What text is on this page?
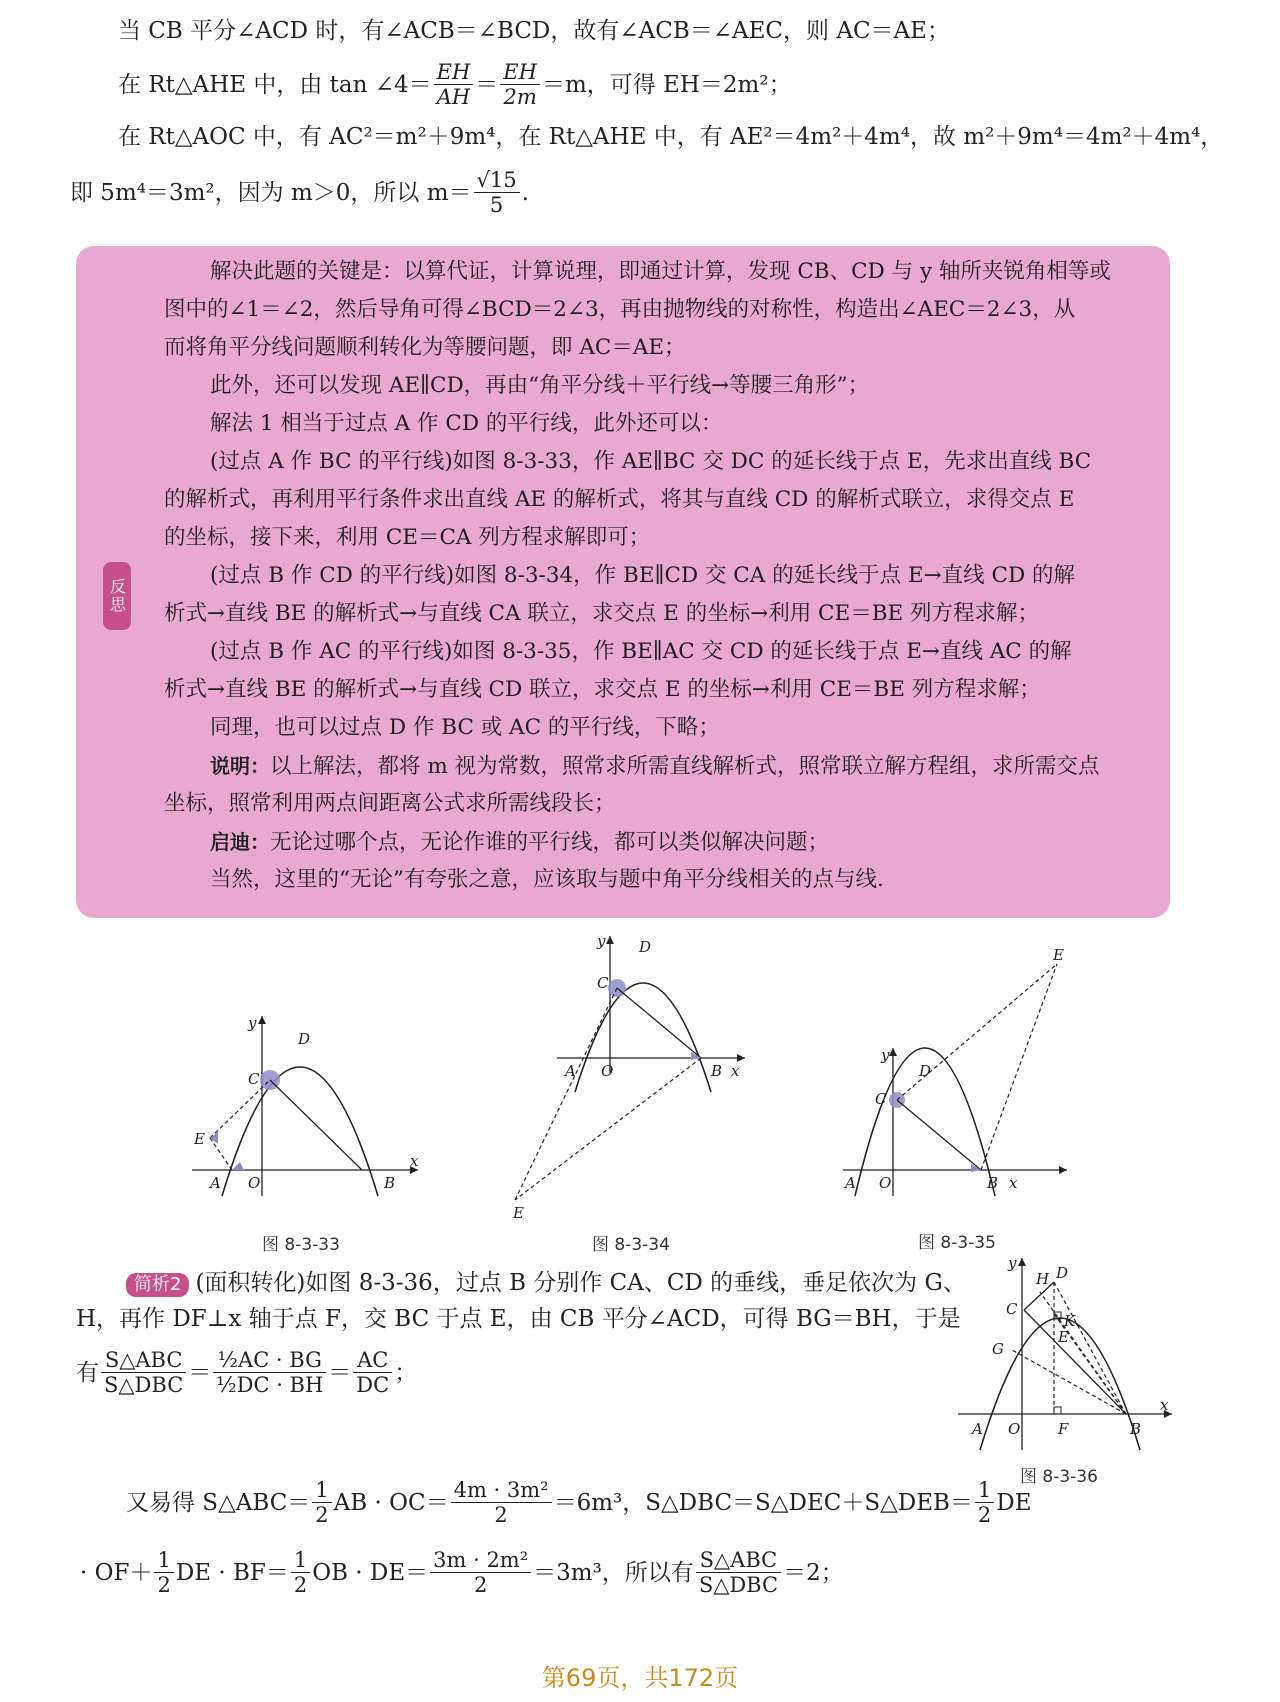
当 CB 平分∠ACD 时，有∠ACB＝∠BCD，故有∠ACB＝∠AEC，则 AC＝AE；
在 Rt△AHE 中，由 tan ∠4＝ $\frac{EH}{AH} = \frac{EH}{2m} =m$，可得 EH＝2m²；
在 Rt△AOC 中，有 AC²＝m²＋9m⁴，在 Rt△AHE 中，有 AE²＝4m²＋4m⁴，故 m²＋9m⁴＝4m²＋4m⁴，
即 5m⁴＝3m²，因为 m＞0，所以 $m= \frac{√15}{5}$ .
反思
解决此题的关键是：以算代证，计算说理，即通过计算，发现 CB、CD 与 y 轴所夹锐角相等或
图中的∠1＝∠2，然后导角可得∠BCD＝2∠3，再由抛物线的对称性，构造出∠AEC＝2∠3，从
而将角平分线问题顺利转化为等腰问题，即 AC＝AE；
此外，还可以发现 AE∥CD，再由“角平分线＋平行线→等腰三角形”；
解法 1 相当于过点 A 作 CD 的平行线，此外还可以：
(过点 A 作 BC 的平行线)如图 8-3-33，作 AE∥BC 交 DC 的延长线于点 E，先求出直线 BC
的解析式，再利用平行条件求出直线 AE 的解析式，将其与直线 CD 的解析式联立，求得交点 E
的坐标，接下来，利用 CE＝CA 列方程求解即可；
(过点 B 作 CD 的平行线)如图 8-3-34，作 BE∥CD 交 CA 的延长线于点 E→直线 CD 的解
析式→直线 BE 的解析式→与直线 CA 联立，求交点 E 的坐标→利用 CE＝BE 列方程求解；
(过点 B 作 AC 的平行线)如图 8-3-35，作 BE∥AC 交 CD 的延长线于点 E→直线 AC 的解
析式→直线 BE 的解析式→与直线 CD 联立，求交点 E 的坐标→利用 CE＝BE 列方程求解；
同理，也可以过点 D 作 BC 或 AC 的平行线，下略；
说明：以上解法，都将 m 视为常数，照常求所需直线解析式，照常联立解方程组，求所需交点
坐标，照常利用两点间距离公式求所需线段长；
启迪：无论过哪个点，无论作谁的平行线，都可以类似解决问题；
当然，这里的“无论”有夸张之意，应该取与题中角平分线相关的点与线.
x
y
O
A	B
C
D
E
图 8-3-33
x
y
O
A	B
C
D
E
图 8-3-34
x
y
O
A	B
C
D
E
图 8-3-35
x
y
O
A	B
C
D
E
F
G
H
K
图 8-3-36
简析2 (面积转化)如图 8-3-36，过点 B 分别作 CA、CD 的垂线，垂足依次为 G、
H，再作 DF⊥x 轴于点 F，交 BC 于点 E，由 CB 平分∠ACD，可得 BG＝BH，于是
有 $\frac{\text{S△ABC}}{\text{S△DBC}} = \frac{\text{½AC · BG}}{\text{½DC · BH}} = \frac{AC}{DC}$ ；
又易得 S△ABC＝ $\frac{1}{2}$ AB · $OC= \frac{\text{4m · 3m²}}{2} =6m^3$，S△DBC＝S△DEC＋S△DEB＝ $\frac{1}{2}$ DE
· $OF+ \frac{1}{2}$ DE · $BF= \frac{1}{2}$ OB · $DE= \frac{\text{3m · 2m²}}{2} =3m^3$，所以有 $\frac{\text{S△ABC}}{\text{S△DBC}} =2$；
第69页，共172页
